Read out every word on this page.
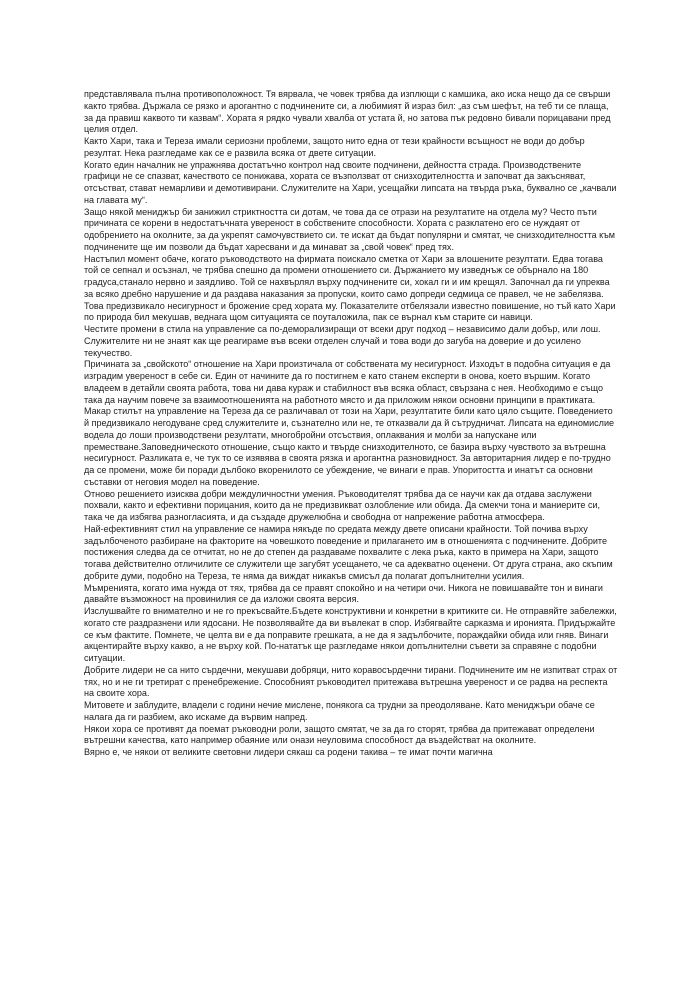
представлявала пълна противоположност. Тя вярвала, че човек трябва да изплющи с камшика, ако иска нещо да се свърши както трябва. Държала се рязко и арогантно с подчинените си, а любимият й израз бил: „аз съм шефът, на теб ти се плаща, за да правиш каквото ти казвам“. Хората я рядко чували хвалба от устата й, но затова пък редовно бивали порицавани пред целия отдел.

Както Хари, така и Тереза имали сериозни проблеми, защото нито една от тези крайности всъщност не води до добър резултат. Нека разгледаме как се е развила всяка от двете ситуации.

Когато един началник не упражнява достатъчно контрол над своите подчинени, дейността страда. Производствените графици не се спазват, качеството се понижава, хората се възползват от снизходителността и започват да закъсняват, отсъстват, стават немарливи и демотивирани. Служителите на Хари, усещайки липсата на твърда ръка, буквално се „качвали на главата му“.

Защо някой мениджър би занижил стриктността си дотам, че това да се отрази на резултатите на отдела му? Често пъти причината се корени в недостатъчната увереност в собствените способности. Хората с разклатено его се нуждаят от одобрението на околните, за да укрепят самочувствието си. те искат да бъдат популярни и смятат, че снизходителността към подчинените ще им позволи да бъдат харесвани и да минават за „свой човек“ пред тях.

Настъпил момент обаче, когато ръководството на фирмата поискало сметка от Хари за влошените резултати. Едва тогава той се сепнал и осъзнал, че трябва спешно да промени отношението си. Държанието му изведнъж се обърнало на 180 градуса,станало нервно и заядливо. Той се нахвърлял върху подчинените си, хокал ги и им крещял. Започнал да ги упреква за всяко дребно нарушение и да раздава наказания за пропуски, които само допреди седмица се правел, че не забелязва. Това предизвикало несигурност и брожение сред хората му. Показателите отбелязали известно повишение, но тъй като Хари по природа бил мекушав, веднага щом ситуацията се поуталожила, пак се върнал към старите си навици.

Честите промени в стила на управление са по-деморализиращи от всеки друг подход – независимо дали добър, или лош. Служителите ни не знаят как ще реагираме във всеки отделен случай и това води до загуба на доверие и до усилено текучество.

Причината за „свойското“ отношение на Хари произтичала от собствената му несигурност. Изходът в подобна ситуация е да изградим увереност в себе си. Един от начините да го постигнем е като станем експерти в онова, което вършим. Когато владеем в детайли своята работа, това ни дава кураж и стабилност във всяка област, свързана с нея. Необходимо е също така да научим повече за взаимоотношенията на работното място и да приложим някои основни принципи в практиката.

Макар стилът на управление на Тереза да се различавал от този на Хари, резултатите били като цяло същите. Поведението й предизвикало негодуване сред служителите и, съзнателно или не, те отказвали да й сътрудничат. Липсата на единомислие водела до лоши производствени резултати, многобройни отсъствия, оплаквания и молби за напускане или преместване.Заповедническото отношение, също както и твърде снизходителното, се базира върху чувството за вътрешна несигурност. Разликата е, че тук то се изявява в своята рязка и арогантна разновидност. За авторитарния лидер е по-трудно да се промени, може би поради дълбоко вкоренилото се убеждение, че винаги е прав. Упоритостта и инатът са основни съставки от неговия модел на поведение.

Отново решението изисква добри междуличностни умения. Ръководителят трябва да се научи как да отдава заслужени похвали, както и ефективни порицания, които да не предизвикват озлобление или обида. Да смекчи тона и маниерите си, така че да избягва разногласията, и да създаде дружелюбна и свободна от напрежение работна атмосфера.

Най-ефективният стил на управление се намира някъде по средата между двете описани крайности. Той почива върху задълбоченото разбиране на факторите на човешкото поведение и прилагането им в отношенията с подчинените. Добрите постижения следва да се отчитат, но не до степен да раздаваме похвалите с лека ръка, както в примера на Хари, защото тогава действително отличилите се служители ще загубят усещането, че са адекватно оценени. От друга страна, ако скъпим добрите думи, подобно на Тереза, те няма да виждат никакъв смисъл да полагат допълнителни усилия.

Мъмренията, когато има нужда от тях, трябва да се правят спокойно и на четири очи. Никога не повишавайте тон и винаги давайте възможност на провинилия се да изложи своята версия.

Изслушвайте го внимателно и не го прекъсвайте.Бъдете конструктивни и конкретни в критиките си. Не отправяйте забележки, когато сте раздразнени или ядосани. Не позволявайте да ви въвлекат в спор. Избягвайте сарказма и иронията. Придържайте се към фактите. Помнете, че целта ви е да поправите грешката, а не да я задълбочите, пораждайки обида или гняв. Винаги акцентирайте върху какво, а не върху кой. По-нататък ще разгледаме някои допълнителни съвети за справяне с подобни ситуации.

Добрите лидери не са нито сърдечни, мекушави добряци, нито коравосърдечни тирани. Подчинените им не изпитват страх от тях, но и не ги третират с пренебрежение. Способният ръководител притежава вътрешна увереност и се радва на респекта на своите хора.

Митовете и заблудите, владели с години нечие мислене, понякога са трудни за преодоляване. Като мениджъри обаче се налага да ги разбием, ако искаме да вървим напред.

Някои хора се противят да поемат ръководни роли, защото смятат, че за да го сторят, трябва да притежават определени вътрешни качества, като например обаяние или онази неуловима способност да въздействат на околните.

Вярно е, че някои от великите световни лидери сякаш са родени такива – те имат почти магична
